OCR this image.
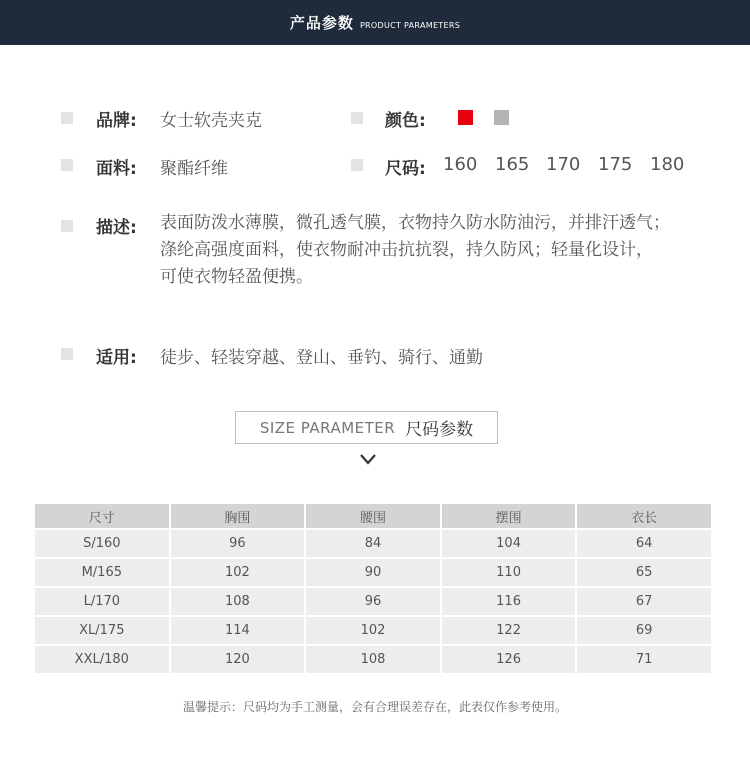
产品参数 PRODUCT PARAMETERS
品牌: 女士软壳夹克	颜色:
面料: 聚酯纤维	尺码: 160 165 170 175 180
描述: 表面防泼水薄膜，微孔透气膜，衣物持久防水防油污，并排汗透气；
涤纶高强度面料，使衣物耐冲击抗抗裂，持久防风；轻量化设计，
可使衣物轻盈便携。
适用: 徒步、轻装穿越、登山、垂钓、骑行、通勤
SIZE PARAMETER 尺码参数
尺寸	胸围	腰围	摆围	衣长
S/160	96	84	104	64
M/165	102	90	110	65
L/170	108	96	116	67
XL/175	114	102	122	69
XXL/180	120	108	126	71
温馨提示：尺码均为手工测量，会有合理误差存在，此表仅作参考使用。
